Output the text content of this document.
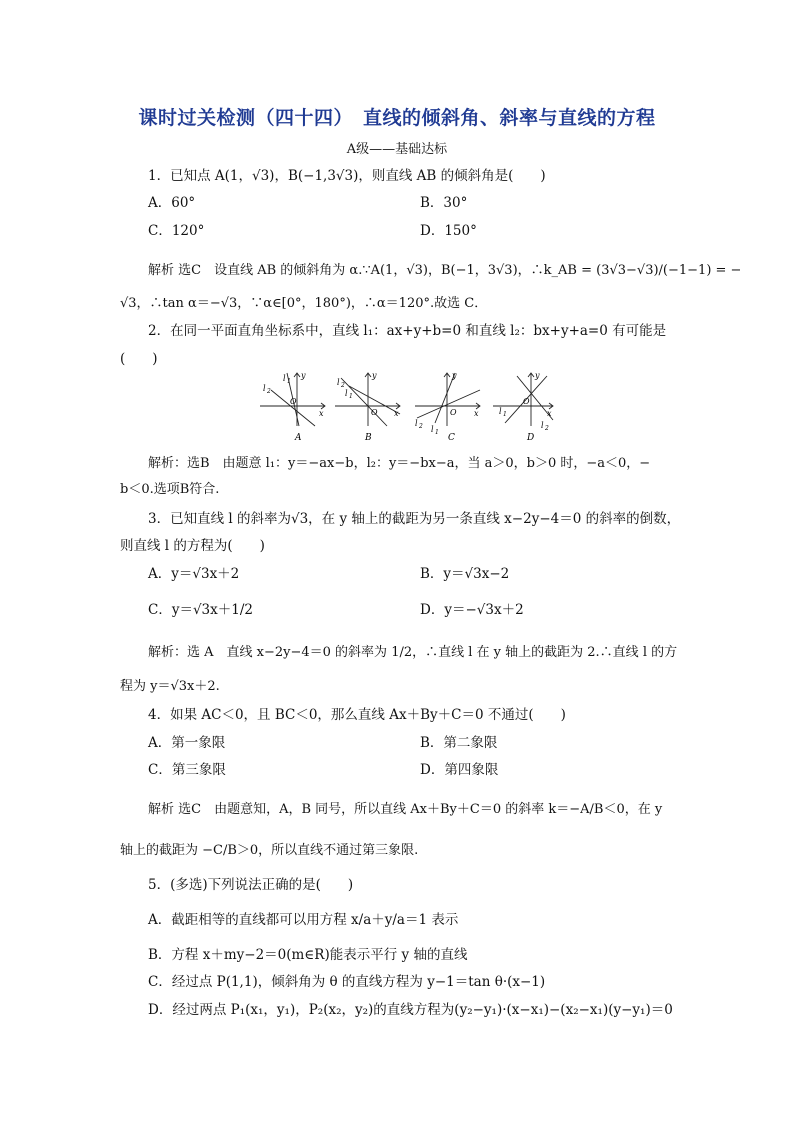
课时过关检测（四十四）　直线的倾斜角、斜率与直线的方程
A级——基础达标
1．已知点 A(1，√3)，B(−1,3√3)，则直线 AB 的倾斜角是(　　)
A．60°	B．30°
C．120°	D．150°
解析 选C　设直线 AB 的倾斜角为 α.∵A(1，√3)，B(−1，3√3)，∴k_AB = (3√3−√3)/(−1−1) = −
√3，∴tan α＝−√3，∵α∈[0°，180°)，∴α＝120°.故选 C．
2．在同一平面直角坐标系中，直线 l₁：ax+y+b=0 和直线 l₂：bx+y+a=0 有可能是
(　　)
l 1
l 2
y
O
x
A
l 2
l 1
y
O x
B
y
O x
l 2 l 1
C
y
O
x
l 1
l 2
D
解析：选B　由题意 l₁：y＝−ax−b，l₂：y＝−bx−a，当 a＞0，b＞0 时，−a＜0，−
b＜0.选项B符合.
3．已知直线 l 的斜率为√3，在 y 轴上的截距为另一条直线 x−2y−4＝0 的斜率的倒数，
则直线 l 的方程为(　　)
A．y＝√3x＋2	B．y＝√3x−2
C．y＝√3x＋1/2	D．y＝−√3x＋2
解析：选 A　直线 x−2y−4＝0 的斜率为 1/2，∴直线 l 在 y 轴上的截距为 2.∴直线 l 的方
程为 y＝√3x＋2.
4．如果 AC＜0，且 BC＜0，那么直线 Ax＋By＋C＝0 不通过(　　)
A．第一象限	B．第二象限
C．第三象限	D．第四象限
解析 选C　由题意知，A，B 同号，所以直线 Ax＋By＋C＝0 的斜率 k＝−A/B＜0，在 y
轴上的截距为 −C/B＞0，所以直线不通过第三象限.
5．(多选)下列说法正确的是(　　)
A．截距相等的直线都可以用方程 x/a＋y/a＝1 表示
B．方程 x＋my−2＝0(m∈R)能表示平行 y 轴的直线
C．经过点 P(1,1)，倾斜角为 θ 的直线方程为 y−1＝tan θ·(x−1)
D．经过两点 P₁(x₁，y₁)，P₂(x₂，y₂)的直线方程为(y₂−y₁)·(x−x₁)−(x₂−x₁)(y−y₁)＝0
